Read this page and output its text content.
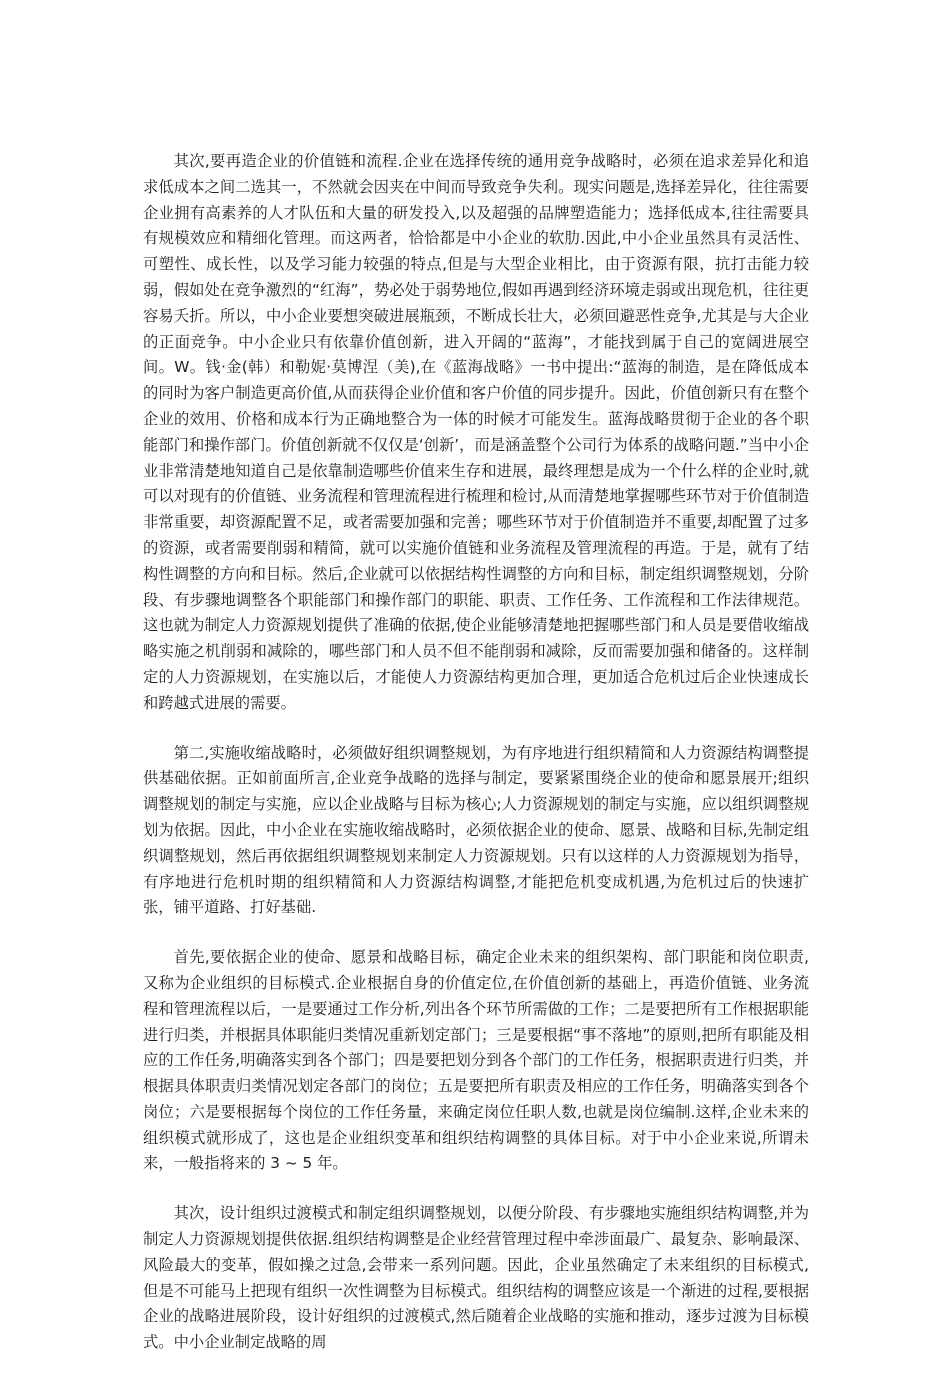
其次,要再造企业的价值链和流程.企业在选择传统的通用竞争战略时，必须在追求差异化和追求低成本之间二选其一，不然就会因夹在中间而导致竞争失利。现实问题是,选择差异化，往往需要企业拥有高素养的人才队伍和大量的研发投入,以及超强的品牌塑造能力；选择低成本,往往需要具有规模效应和精细化管理。而这两者，恰恰都是中小企业的软肋.因此,中小企业虽然具有灵活性、可塑性、成长性，以及学习能力较强的特点,但是与大型企业相比，由于资源有限，抗打击能力较弱，假如处在竞争激烈的“红海”，势必处于弱势地位,假如再遇到经济环境走弱或出现危机，往往更容易夭折。所以，中小企业要想突破进展瓶颈，不断成长壮大，必须回避恶性竞争,尤其是与大企业的正面竞争。中小企业只有依靠价值创新，进入开阔的“蓝海”，才能找到属于自己的宽阔进展空间。W。钱·金(韩）和勒妮·莫博涅（美),在《蓝海战略》一书中提出:“蓝海的制造，是在降低成本的同时为客户制造更高价值,从而获得企业价值和客户价值的同步提升。因此，价值创新只有在整个企业的效用、价格和成本行为正确地整合为一体的时候才可能发生。蓝海战略贯彻于企业的各个职能部门和操作部门。价值创新就不仅仅是‘创新’，而是涵盖整个公司行为体系的战略问题.”当中小企业非常清楚地知道自己是依靠制造哪些价值来生存和进展，最终理想是成为一个什么样的企业时,就可以对现有的价值链、业务流程和管理流程进行梳理和检讨,从而清楚地掌握哪些环节对于价值制造非常重要，却资源配置不足，或者需要加强和完善；哪些环节对于价值制造并不重要,却配置了过多的资源，或者需要削弱和精简，就可以实施价值链和业务流程及管理流程的再造。于是，就有了结构性调整的方向和目标。然后,企业就可以依据结构性调整的方向和目标，制定组织调整规划，分阶段、有步骤地调整各个职能部门和操作部门的职能、职责、工作任务、工作流程和工作法律规范。这也就为制定人力资源规划提供了准确的依据,使企业能够清楚地把握哪些部门和人员是要借收缩战略实施之机削弱和减除的，哪些部门和人员不但不能削弱和减除，反而需要加强和储备的。这样制定的人力资源规划，在实施以后，才能使人力资源结构更加合理，更加适合危机过后企业快速成长和跨越式进展的需要。

第二,实施收缩战略时，必须做好组织调整规划，为有序地进行组织精简和人力资源结构调整提供基础依据。正如前面所言,企业竞争战略的选择与制定，要紧紧围绕企业的使命和愿景展开;组织调整规划的制定与实施，应以企业战略与目标为核心;人力资源规划的制定与实施，应以组织调整规划为依据。因此，中小企业在实施收缩战略时，必须依据企业的使命、愿景、战略和目标,先制定组织调整规划，然后再依据组织调整规划来制定人力资源规划。只有以这样的人力资源规划为指导，有序地进行危机时期的组织精简和人力资源结构调整,才能把危机变成机遇,为危机过后的快速扩张，铺平道路、打好基础.

首先,要依据企业的使命、愿景和战略目标，确定企业未来的组织架构、部门职能和岗位职责,又称为企业组织的目标模式.企业根据自身的价值定位,在价值创新的基础上，再造价值链、业务流程和管理流程以后，一是要通过工作分析,列出各个环节所需做的工作；二是要把所有工作根据职能进行归类，并根据具体职能归类情况重新划定部门；三是要根据“事不落地”的原则,把所有职能及相应的工作任务,明确落实到各个部门；四是要把划分到各个部门的工作任务，根据职责进行归类，并根据具体职责归类情况划定各部门的岗位；五是要把所有职责及相应的工作任务，明确落实到各个岗位；六是要根据每个岗位的工作任务量，来确定岗位任职人数,也就是岗位编制.这样,企业未来的组织模式就形成了，这也是企业组织变革和组织结构调整的具体目标。对于中小企业来说,所谓未来，一般指将来的 3 ~ 5 年。

其次，设计组织过渡模式和制定组织调整规划，以便分阶段、有步骤地实施组织结构调整,并为制定人力资源规划提供依据.组织结构调整是企业经营管理过程中牵涉面最广、最复杂、影响最深、风险最大的变革，假如操之过急,会带来一系列问题。因此，企业虽然确定了未来组织的目标模式,但是不可能马上把现有组织一次性调整为目标模式。组织结构的调整应该是一个渐进的过程,要根据企业的战略进展阶段，设计好组织的过渡模式,然后随着企业战略的实施和推动，逐步过渡为目标模式。中小企业制定战略的周
